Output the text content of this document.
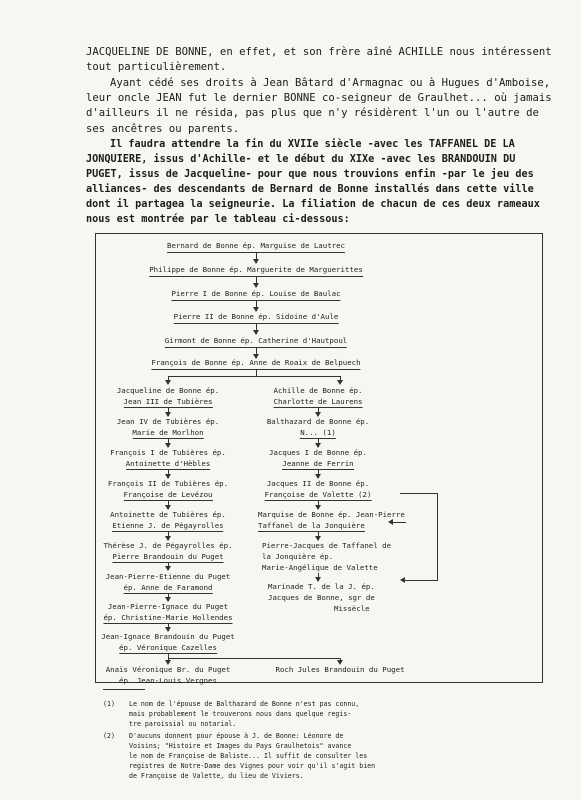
JACQUELINE DE BONNE, en effet, et son frère aîné ACHILLE nous intéressent tout particulièrement.

Ayant cédé ses droits à Jean Bâtard d'Armagnac ou à Hugues d'Amboise, leur oncle JEAN fut le dernier BONNE co-seigneur de Graulhet... où jamais d'ailleurs il ne résida, pas plus que n'y résidèrent l'un ou l'autre de ses ancêtres ou parents.

Il faudra attendre la fin du XVIIe siècle -avec les TAFFANEL DE LA JONQUIERE, issus d'Achille- et le début du XIXe -avec les BRANDOUIN DU PUGET, issus de Jacqueline- pour que nous trouvions enfin -par le jeu des alliances- des descendants de Bernard de Bonne installés dans cette ville dont il partagea la seigneurie. La filiation de chacun de ces deux rameaux nous est montrée par le tableau ci-dessous:

Bernard de Bonne ép. Marguise de Lautrec
Philippe de Bonne ép. Marguerite de Marguerittes
Pierre I de Bonne ép. Louise de Baulac
Pierre II de Bonne ép. Sidoine d'Aule
Girmont de Bonne ép. Catherine d'Hautpoul
François de Bonne ép. Anne de Roaix de Belpuech
Jacqueline de Bonne ép.
Jean III de Tubières
Jean IV de Tubières ép.
Marie de Morlhon
François I de Tubières ép.
Antoinette d'Hèbles
François II de Tubières ép.
Françoise de Levézou
Antoinette de Tubières ép.
Etienne J. de Pégayrolles
Thérèse J. de Pégayrolles ép.
Pierre Brandouin du Puget
Jean-Pierre-Etienne du Puget
ép. Anne de Faramond
Jean-Pierre-Ignace du Puget
ép. Christine-Marie Hollendes
Jean-Ignace Brandouin du Puget
ép. Véronique Cazelles
Anaïs Véronique Br. du Puget
ép. Jean-Louis Vergnes
Roch Jules Brandouin du Puget
Achille de Bonne ép.
Charlotte de Laurens
Balthazard de Bonne ép.
N... (1)
Jacques I de Bonne ép.
Jeanne de Ferrin
Jacques II de Bonne ép.
Françoise de Valette (2)
Marquise de Bonne ép. Jean-Pierre
Taffanel de la Jonquière
Pierre-Jacques de Taffanel de
la Jonquière ép.
Marie-Angélique de Valette
Marinade T. de la J. ép.
Jacques de Bonne, sgr de
Missècle
(1) Le nom de l'épouse de Balthazard de Bonne n'est pas connu,
mais probablement le trouverons nous dans quelque regis-
tre paroissial ou notarial.
(2) D'aucuns donnent pour épouse à J. de Bonne: Léonore de
Voisins; "Histoire et Images du Pays Graulhetois" avance
le nom de Françoise de Baliste... Il suffit de consulter les
registres de Notre-Dame des Vignes pour voir qu'il s'agit bien
de Françoise de Valette, du lieu de Viviers.
